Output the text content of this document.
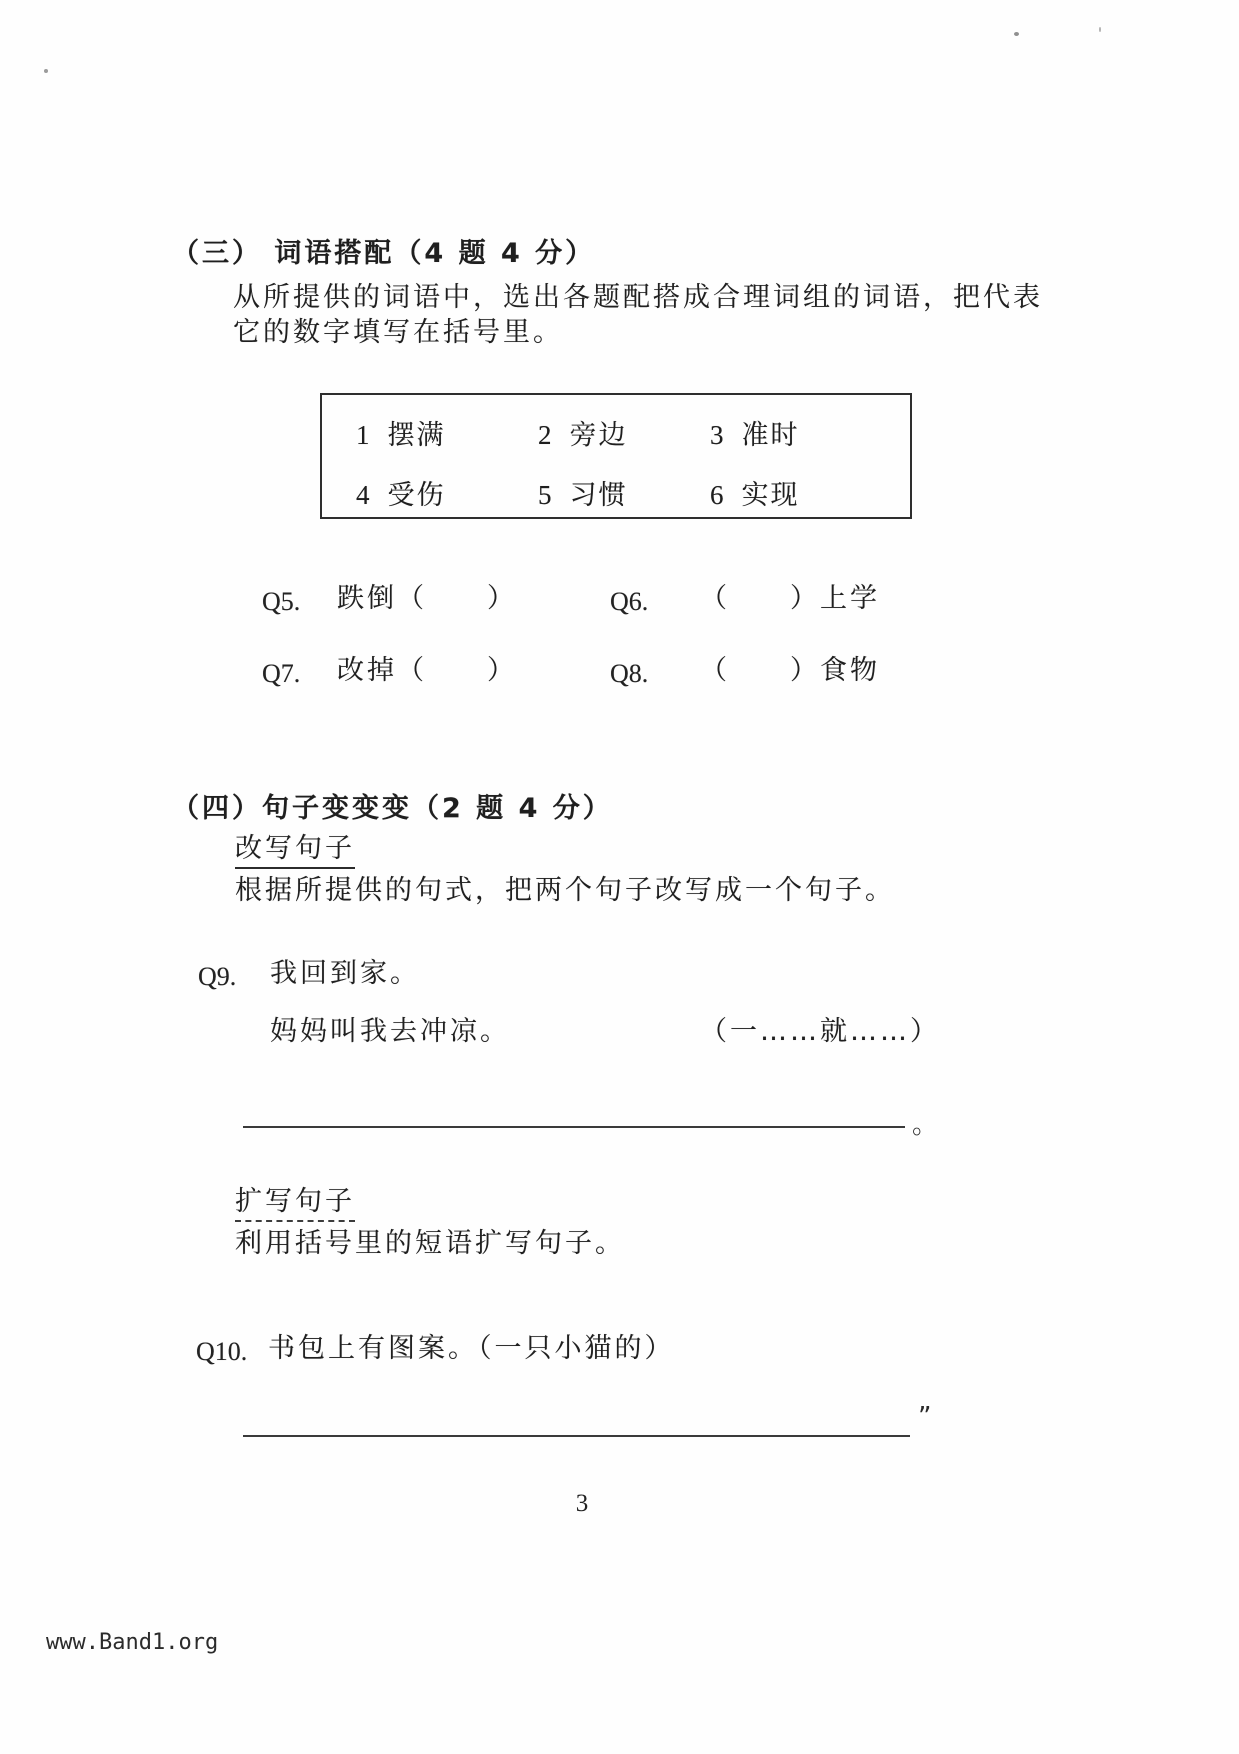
（三） 词语搭配（4 题 4 分）
从所提供的词语中，选出各题配搭成合理词组的词语，把代表
它的数字填写在括号里。
1 摆满	2 旁边	3 准时
4 受伤	5 习惯	6 实现
Q5. 跌倒（　　）	Q6. （　　）上学
Q7. 改掉（　　）	Q8. （　　）食物
（四）句子变变变（2 题 4 分）
改写句子
根据所提供的句式，把两个句子改写成一个句子。
Q9. 我回到家。
妈妈叫我去冲凉。	（一……就……）
。
扩写句子
利用括号里的短语扩写句子。
Q10. 书包上有图案。（一只小猫的）
”
3
www.Band1.org
